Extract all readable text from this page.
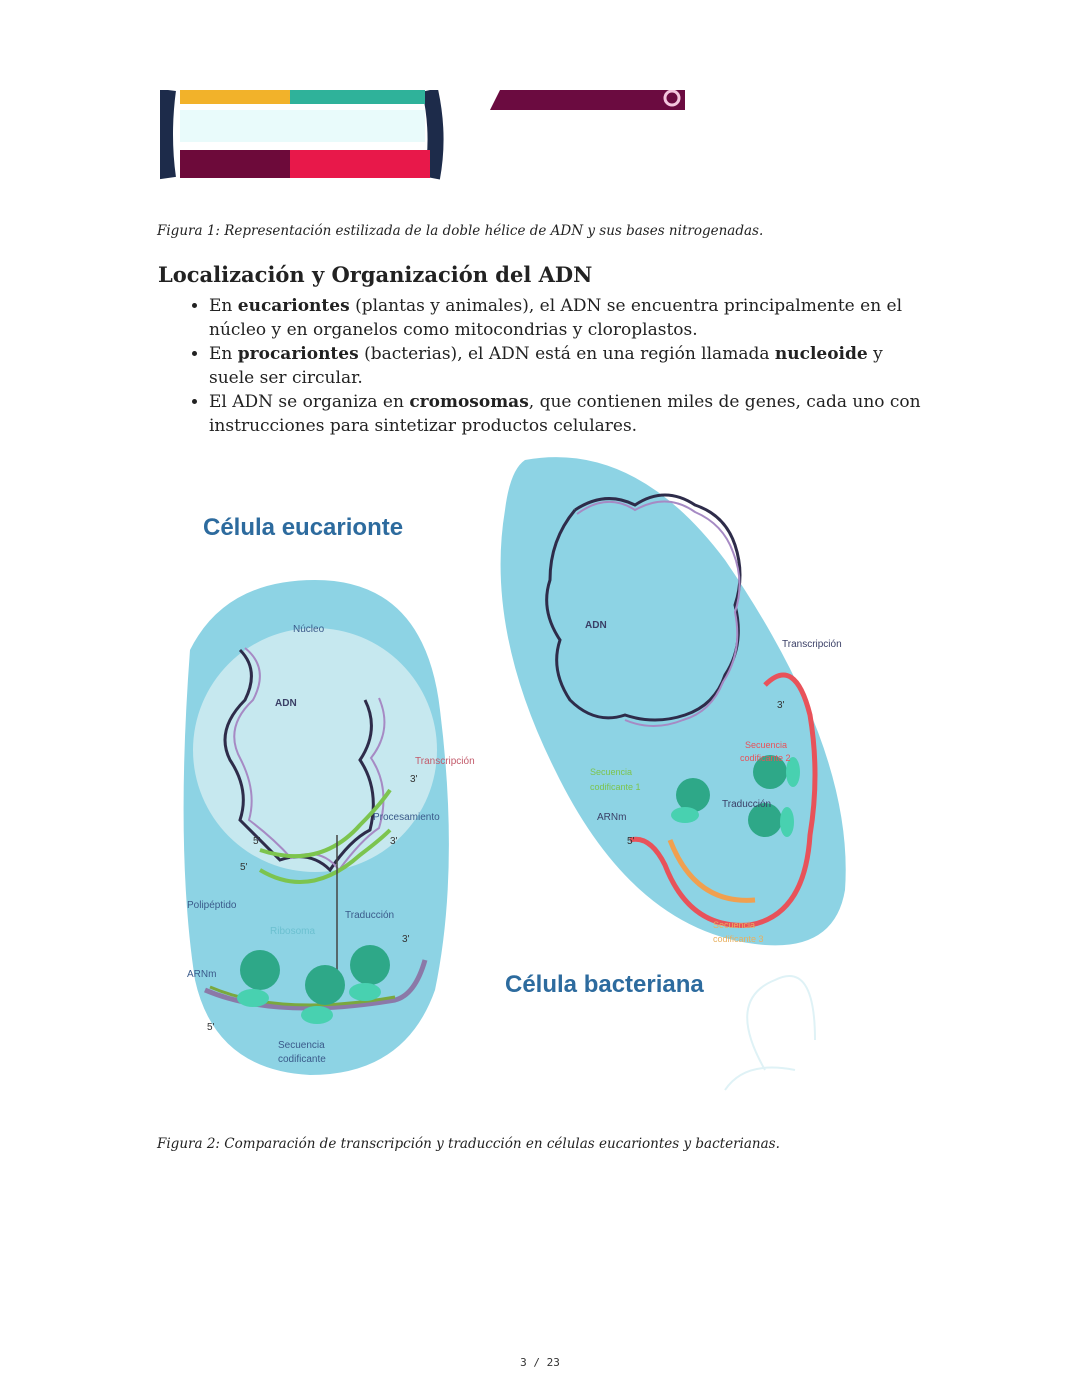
Figura 1: Representación estilizada de la doble hélice de ADN y sus bases nitrogenadas.
Localización y Organización del ADN
• En eucariontes (plantas y animales), el ADN se encuentra principalmente en el núcleo y en organelos como mitocondrias y cloroplastos.
• En procariontes (bacterias), el ADN está en una región llamada nucleoide y suele ser circular.
• El ADN se organiza en cromosomas, que contienen miles de genes, cada uno con instrucciones para sintetizar productos celulares.
Célula eucarionte
Núcleo
ADN
Transcripción
3'
Procesamiento
5'	3'
5'
Polipéptido
Traducción
Ribosoma
3'
ARNm
5'
Secuencia
codificante
Célula bacteriana
ADN
Transcripción
3'
Secuencia
codificante 2
Secuencia
codificante 1
Traducción
ARNm
5'
Secuencia
codificante 3
Figura 2: Comparación de transcripción y traducción en células eucariontes y bacterianas.
3 / 23
